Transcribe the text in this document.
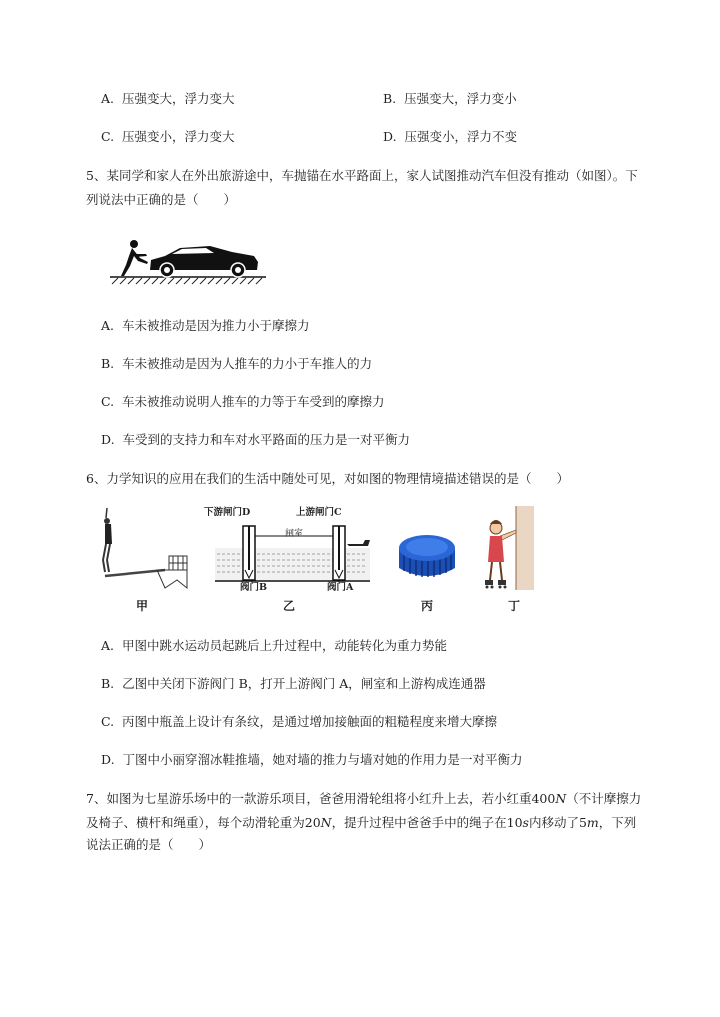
A. 压强变大，浮力变大	B. 压强变大，浮力变小
C. 压强变小，浮力变大	D. 压强变小，浮力不变
5、某同学和家人在外出旅游途中，车抛锚在水平路面上，家人试图推动汽车但没有推动（如图）。下
列说法中正确的是（　　）
A. 车未被推动是因为推力小于摩擦力
B. 车未被推动是因为人推车的力小于车推人的力
C. 车未被推动说明人推车的力等于车受到的摩擦力
D. 车受到的支持力和车对水平路面的压力是一对平衡力
6、力学知识的应用在我们的生活中随处可见，对如图的物理情境描述错误的是（　　）
甲
下游闸门D	上游闸门C
闸室
阀门B	阀门A
乙	丙	丁
A. 甲图中跳水运动员起跳后上升过程中，动能转化为重力势能
B. 乙图中关闭下游阀门 B，打开上游阀门 A，闸室和上游构成连通器
C. 丙图中瓶盖上设计有条纹，是通过增加接触面的粗糙程度来增大摩擦
D. 丁图中小丽穿溜冰鞋推墙，她对墙的推力与墙对她的作用力是一对平衡力
7、如图为七星游乐场中的一款游乐项目，爸爸用滑轮组将小红升上去，若小红重400N（不计摩擦力
及椅子、横杆和绳重），每个动滑轮重为20N，提升过程中爸爸手中的绳子在10s内移动了5m，下列
说法正确的是（　　）
